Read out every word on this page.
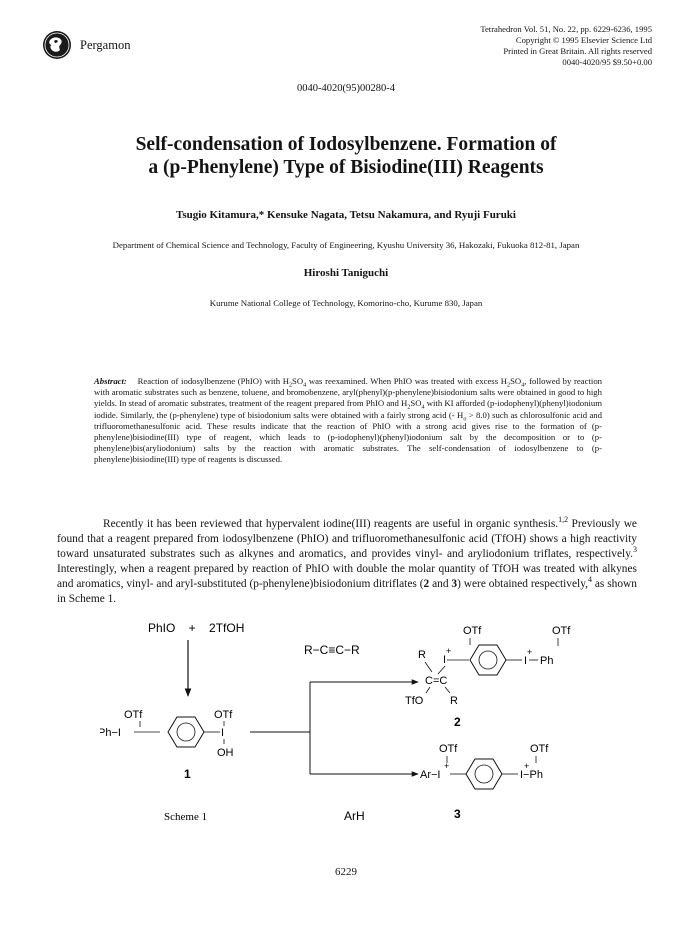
Pergamon
Tetrahedron Vol. 51, No. 22, pp. 6229-6236, 1995
Copyright © 1995 Elsevier Science Ltd
Printed in Great Britain. All rights reserved
0040-4020/95 $9.50+0.00
0040-4020(95)00280-4
Self-condensation of Iodosylbenzene. Formation of
a (p-Phenylene) Type of Bisiodine(III) Reagents
Tsugio Kitamura,* Kensuke Nagata, Tetsu Nakamura, and Ryuji Furuki
Department of Chemical Science and Technology, Faculty of Engineering, Kyushu University 36, Hakozaki, Fukuoka 812-81, Japan
Hiroshi Taniguchi
Kurume National College of Technology, Komorino-cho, Kurume 830, Japan
Abstract: Reaction of iodosylbenzene (PhIO) with $H_2SO_4$ was reexamined. When PhIO was treated with excess $H_2SO_4$, followed by reaction with aromatic substrates such as benzene, toluene, and bromobenzene, aryl(phenyl)(p-phenylene)bisiodonium salts were obtained in good to high yields. In stead of aromatic substrates, treatment of the reagent prepared from PhIO and $H_2SO_4$ with KI afforded (p-iodophenyl)(phenyl)iodonium iodide. Similarly, the (p-phenylene) type of bisiodonium salts were obtained with a fairly strong acid (- $H_o > 8.0$) such as chlorosulfonic acid and trifluoromethanesulfonic acid. These results indicate that the reaction of PhIO with a strong acid gives rise to the formation of (p-phenylene)bisiodine(III) type of reagent, which leads to (p-iodophenyl)(phenyl)iodonium salt by the decomposition or to (p-phenylene)bis(aryliodonium) salts by the reaction with aromatic substrates. The self-condensation of iodosylbenzene to (p-phenylene)bisiodine(III) type of reagents is discussed.

Recently it has been reviewed that hypervalent iodine(III) reagents are useful in organic synthesis.$^{1,2}$ Previously we found that a reagent prepared from iodosylbenzene (PhIO) and trifluoromethanesulfonic acid (TfOH) shows a high reactivity toward unsaturated substrates such as alkynes and aromatics, and provides vinyl- and aryliodonium triflates, respectively.$^3$ Interestingly, when a reagent prepared by reaction of PhIO with double the molar quantity of TfOH was treated with alkynes and aromatics, vinyl- and aryl-substituted (p-phenylene)bisiodonium ditriflates (2 and 3) were obtained respectively,$^4$ as shown in Scheme 1.

PhIO    +    2TfOH
OTf
Ph−I
OTf
I
OH
1
R−C≡C−R
ArH
OTf	OTf
R I
+
I
+
Ph
C=C
TfO R
2
OTf	OTf
Ar−I
+
I−Ph
+
3
Scheme 1
6229
